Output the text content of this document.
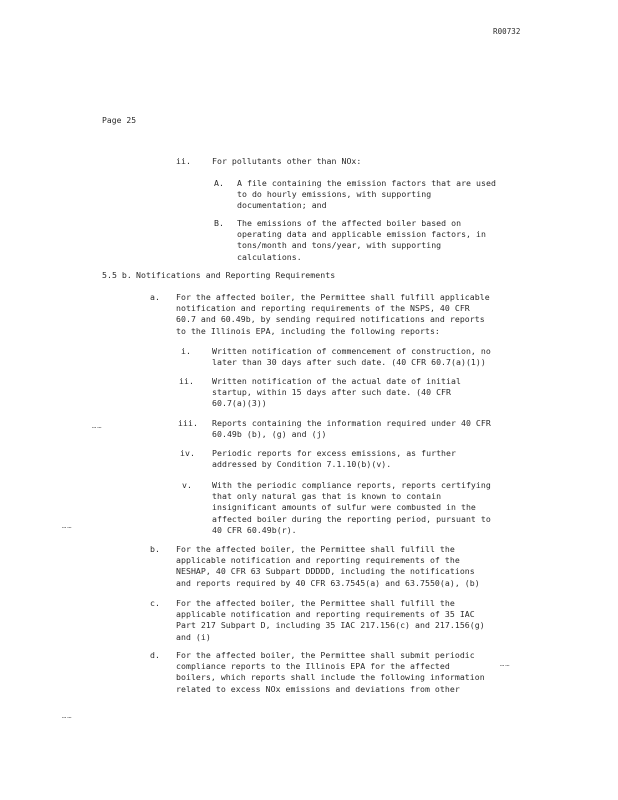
R00732
Page 25
ii.	For pollutants other than NOx:
A. A file containing the emission factors that are used
to do hourly emissions, with supporting
documentation; and
B. The emissions of the affected boiler based on
operating data and applicable emission factors, in
tons/month and tons/year, with supporting
calculations.
5.5 b. Notifications and Reporting Requirements
a. For the affected boiler, the Permittee shall fulfill applicable
notification and reporting requirements of the NSPS, 40 CFR
60.7 and 60.49b, by sending required notifications and reports
to the Illinois EPA, including the following reports:
i.	Written notification of commencement of construction, no
later than 30 days after such date. (40 CFR 60.7(a)(1))
ii. Written notification of the actual date of initial
startup, within 15 days after such date. (40 CFR
60.7(a)(3))
iii. Reports containing the information required under 40 CFR
60.49b (b), (g) and (j)
iv. Periodic reports for excess emissions, as further
addressed by Condition 7.1.10(b)(v).
v. With the periodic compliance reports, reports certifying
that only natural gas that is known to contain
insignificant amounts of sulfur were combusted in the
affected boiler during the reporting period, pursuant to
40 CFR 60.49b(r).
b. For the affected boiler, the Permittee shall fulfill the
applicable notification and reporting requirements of the
NESHAP, 40 CFR 63 Subpart DDDDD, including the notifications
and reports required by 40 CFR 63.7545(a) and 63.7550(a), (b)
c. For the affected boiler, the Permittee shall fulfill the
applicable notification and reporting requirements of 35 IAC
Part 217 Subpart D, including 35 IAC 217.156(c) and 217.156(g)
and (i)
d. For the affected boiler, the Permittee shall submit periodic
compliance reports to the Illinois EPA for the affected
boilers, which reports shall include the following information
related to excess NOx emissions and deviations from other
……
……
……
……
